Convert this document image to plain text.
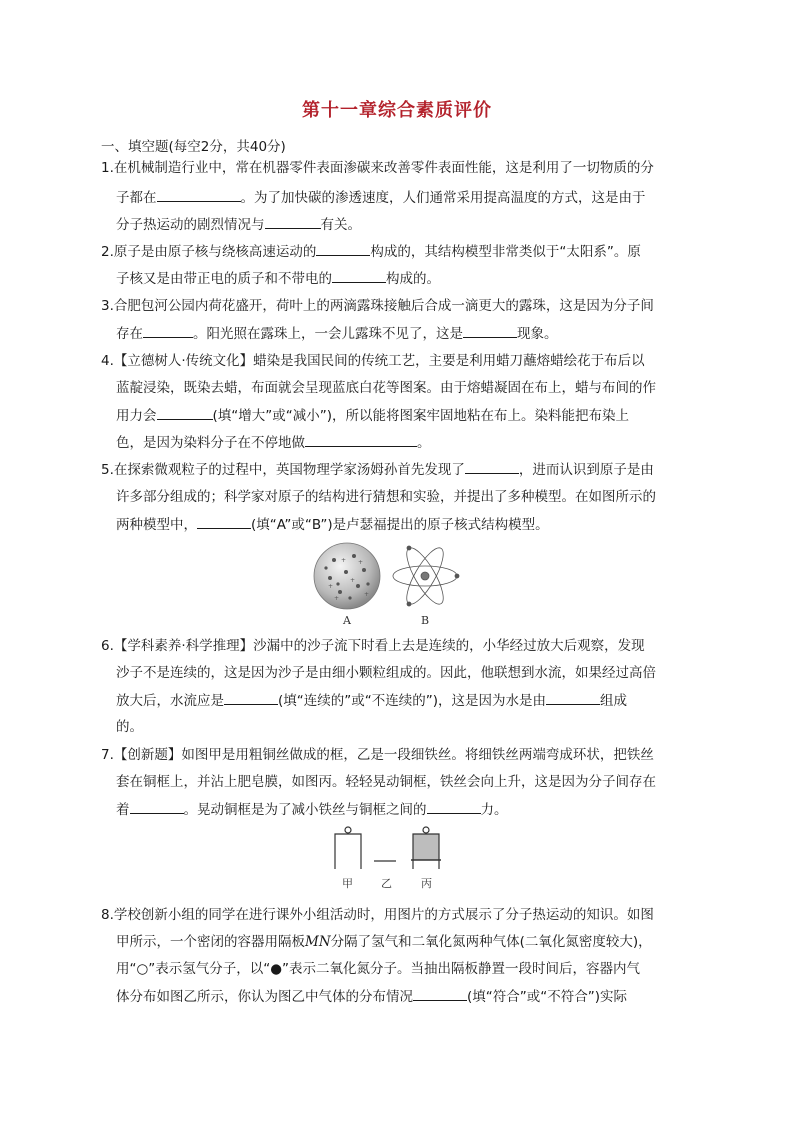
第十一章综合素质评价
一、填空题(每空2分，共40分)
1.在机械制造行业中，常在机器零件表面渗碳来改善零件表面性能，这是利用了一切物质的分
子都在	。为了加快碳的渗透速度，人们通常采用提高温度的方式，这是由于
分子热运动的剧烈情况与	有关。
2.原子是由原子核与绕核高速运动的	构成的，其结构模型非常类似于“太阳系”。原
子核又是由带正电的质子和不带电的	构成的。
3.合肥包河公园内荷花盛开，荷叶上的两滴露珠接触后合成一滴更大的露珠，这是因为分子间
存在	。阳光照在露珠上，一会儿露珠不见了，这是	现象。
4.【立德树人·传统文化】蜡染是我国民间的传统工艺，主要是利用蜡刀蘸熔蜡绘花于布后以
蓝靛浸染，既染去蜡，布面就会呈现蓝底白花等图案。由于熔蜡凝固在布上，蜡与布间的作
用力会	(填“增大”或“减小”)，所以能将图案牢固地粘在布上。染料能把布染上
色，是因为染料分子在不停地做	。
5.在探索微观粒子的过程中，英国物理学家汤姆孙首先发现了	，进而认识到原子是由
许多部分组成的；科学家对原子的结构进行猜想和实验，并提出了多种模型。在如图所示的
两种模型中，	(填“A”或“B”)是卢瑟福提出的原子核式结构模型。
+ +
+
+
+
+
A	B
6.【学科素养·科学推理】沙漏中的沙子流下时看上去是连续的，小华经过放大后观察，发现
沙子不是连续的，这是因为沙子是由细小颗粒组成的。因此，他联想到水流，如果经过高倍
放大后，水流应是	(填“连续的”或“不连续的”)，这是因为水是由	组成
的。
7.【创新题】如图甲是用粗铜丝做成的框，乙是一段细铁丝。将细铁丝两端弯成环状，把铁丝
套在铜框上，并沾上肥皂膜，如图丙。轻轻晃动铜框，铁丝会向上升，这是因为分子间存在
着	。晃动铜框是为了减小铁丝与铜框之间的	力。
甲	乙	丙
8.学校创新小组的同学在进行课外小组活动时，用图片的方式展示了分子热运动的知识。如图
甲所示，一个密闭的容器用隔板MN分隔了氢气和二氧化氮两种气体(二氧化氮密度较大)，
用“○”表示氢气分子，以“●”表示二氧化氮分子。当抽出隔板静置一段时间后，容器内气
体分布如图乙所示，你认为图乙中气体的分布情况	(填“符合”或“不符合”)实际
